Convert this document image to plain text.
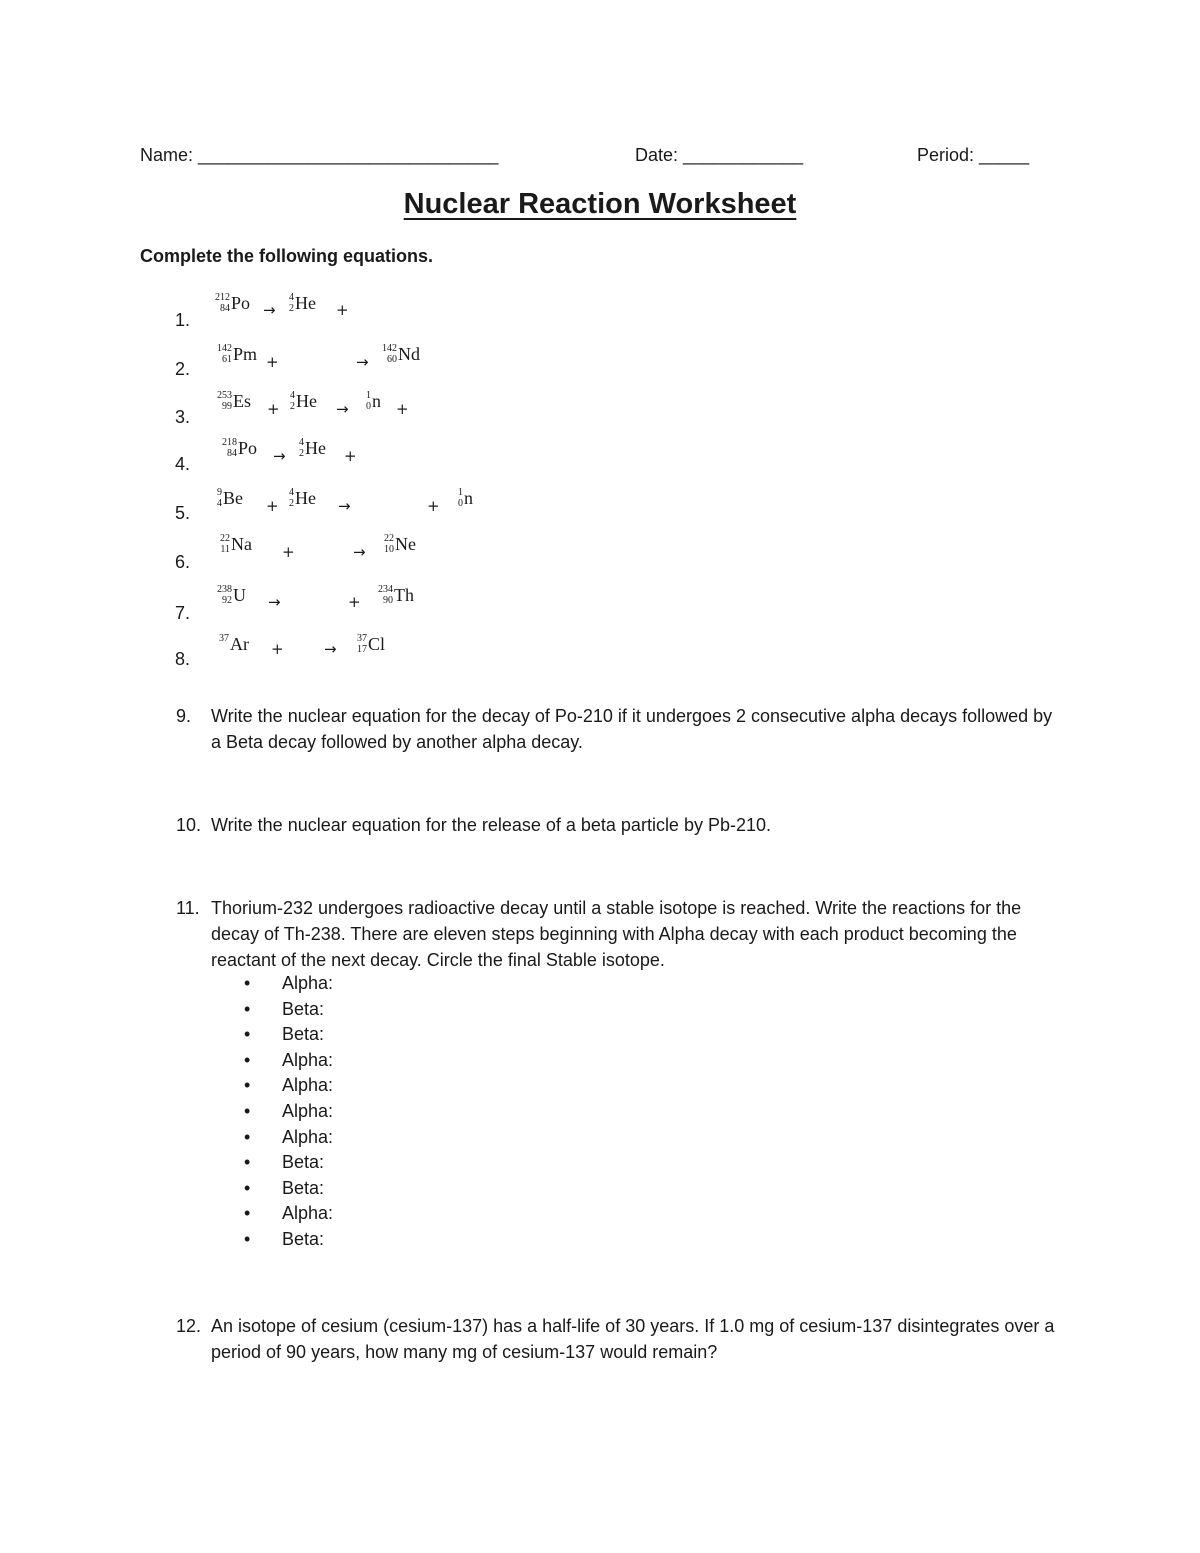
Name: ______________________________	Date: ____________	Period: _____
Nuclear Reaction Worksheet
Complete the following equations.
1.
212
84 Po →
4
2 He +
2.
142
61 Pm +	→
142
60 Nd
3.
253
99 Es +
4
2 He →
1
0 n +
4.
218
84 Po →
4
2 He +
5.
9
4 Be +
4
2 He →	+
1
0 n
6.
22
11 Na +	→
22
10 Ne
7.
238
92 U →	+
234
90 Th
8.
37
Ar +	→
37
17 Cl
9. Write the nuclear equation for the decay of Po-210 if it undergoes 2 consecutive alpha decays followed by a Beta decay followed by another alpha decay.
10. Write the nuclear equation for the release of a beta particle by Pb-210.
11. Thorium-232 undergoes radioactive decay until a stable isotope is reached. Write the reactions for the decay of Th-238. There are eleven steps beginning with Alpha decay with each product becoming the reactant of the next decay. Circle the final Stable isotope.
• Alpha:
• Beta:
• Beta:
• Alpha:
• Alpha:
• Alpha:
• Alpha:
• Beta:
• Beta:
• Alpha:
• Beta:
12. An isotope of cesium (cesium-137) has a half-life of 30 years. If 1.0 mg of cesium-137 disintegrates over a period of 90 years, how many mg of cesium-137 would remain?
